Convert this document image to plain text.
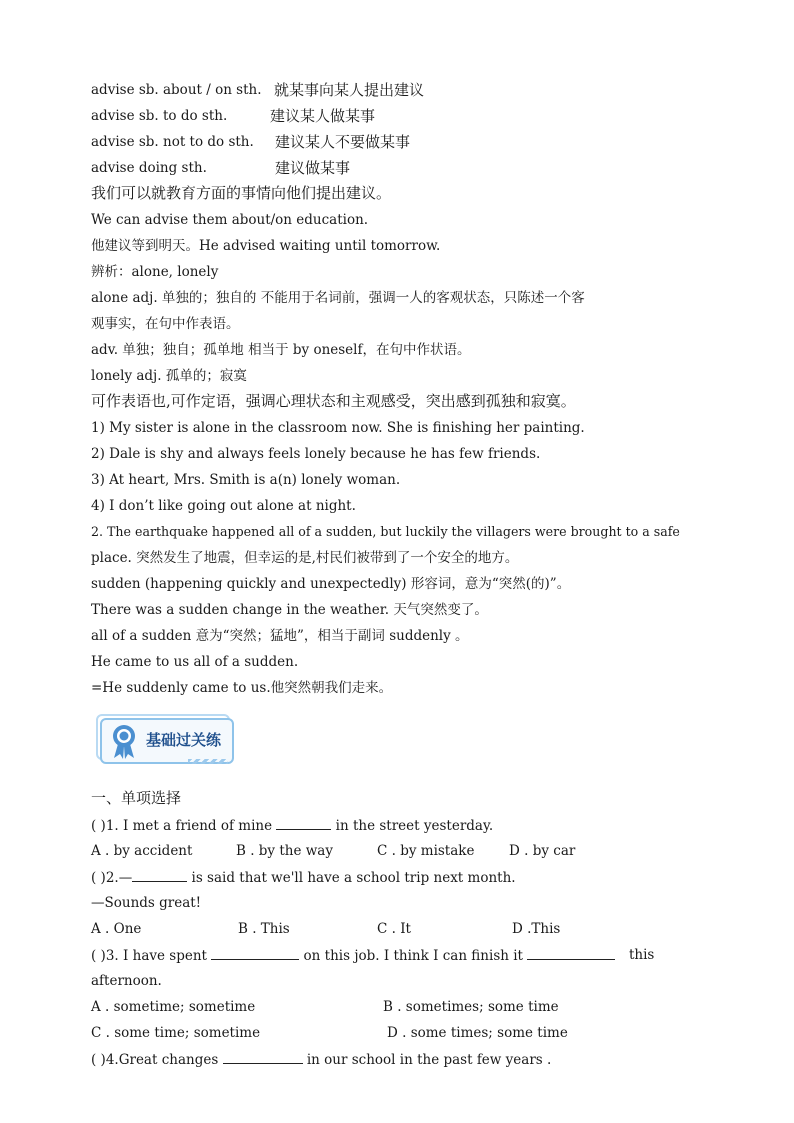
advise sb. about / on sth. 就某事向某人提出建议
advise sb. to do sth.	建议某人做某事
advise sb. not to do sth. 建议某人不要做某事
advise doing sth.	建议做某事
我们可以就教育方面的事情向他们提出建议。
We can advise them about/on education.
他建议等到明天。He advised waiting until tomorrow.
辨析：alone, lonely
alone adj. 单独的；独自的 不能用于名词前，强调一人的客观状态，只陈述一个客
观事实，在句中作表语。
adv. 单独；独自；孤单地 相当于 by oneself，在句中作状语。
lonely adj. 孤单的；寂寞
可作表语也,可作定语，强调心理状态和主观感受，突出感到孤独和寂寞。
1) My sister is alone in the classroom now. She is finishing her painting.
2) Dale is shy and always feels lonely because he has few friends.
3) At heart, Mrs. Smith is a(n) lonely woman.
4) I don’t like going out alone at night.
2. The earthquake happened all of a sudden, but luckily the villagers were brought to a safe
place. 突然发生了地震，但幸运的是,村民们被带到了一个安全的地方。
sudden (happening quickly and unexpectedly) 形容词，意为“突然(的)”。
There was a sudden change in the weather. 天气突然变了。
all of a sudden 意为“突然；猛地”，相当于副词 suddenly 。
He came to us all of a sudden.
=He suddenly came to us.他突然朝我们走来。
基础过关练
一、单项选择
( )1. I met a friend of mine	in the street yesterday.
A . by accident	B . by the way	C . by mistake	D . by car
( )2.—	is said that we'll have a school trip next month.
—Sounds great!
A . One	B . This	C . It	D .This
( )3. I have spent	on this job. I think I can finish it	this
afternoon.
A . sometime; sometime	B . sometimes; some time
C . some time; sometime	D . some times; some time
( )4.Great changes	in our school in the past few years .
